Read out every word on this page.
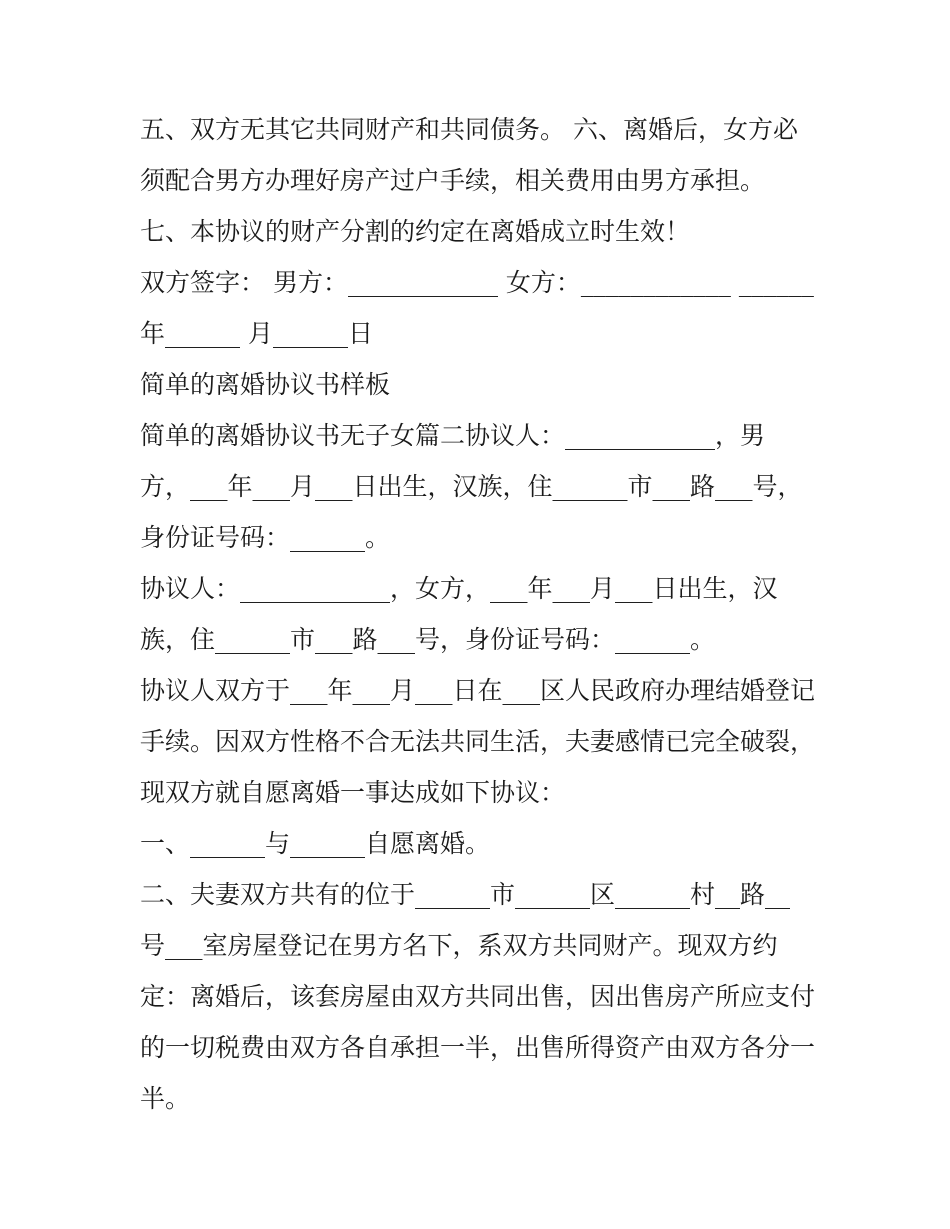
五、双方无其它共同财产和共同债务。 六、离婚后，女方必
须配合男方办理好房产过户手续，相关费用由男方承担。
七、本协议的财产分割的约定在离婚成立时生效！
双方签字： 男方：____________ 女方：____________ ______
年______ 月______日
简单的离婚协议书样板
简单的离婚协议书无子女篇二协议人：____________，男
方，___年___月___日出生，汉族，住______市___路___号，
身份证号码：______。
协议人：____________，女方，___年___月___日出生，汉
族，住______市___路___号，身份证号码：______。
协议人双方于___年___月___日在___区人民政府办理结婚登记
手续。因双方性格不合无法共同生活，夫妻感情已完全破裂，
现双方就自愿离婚一事达成如下协议：
一、______与______自愿离婚。
二、夫妻双方共有的位于______市______区______村__路__
号___室房屋登记在男方名下，系双方共同财产。现双方约
定：离婚后，该套房屋由双方共同出售，因出售房产所应支付
的一切税费由双方各自承担一半，出售所得资产由双方各分一
半。
